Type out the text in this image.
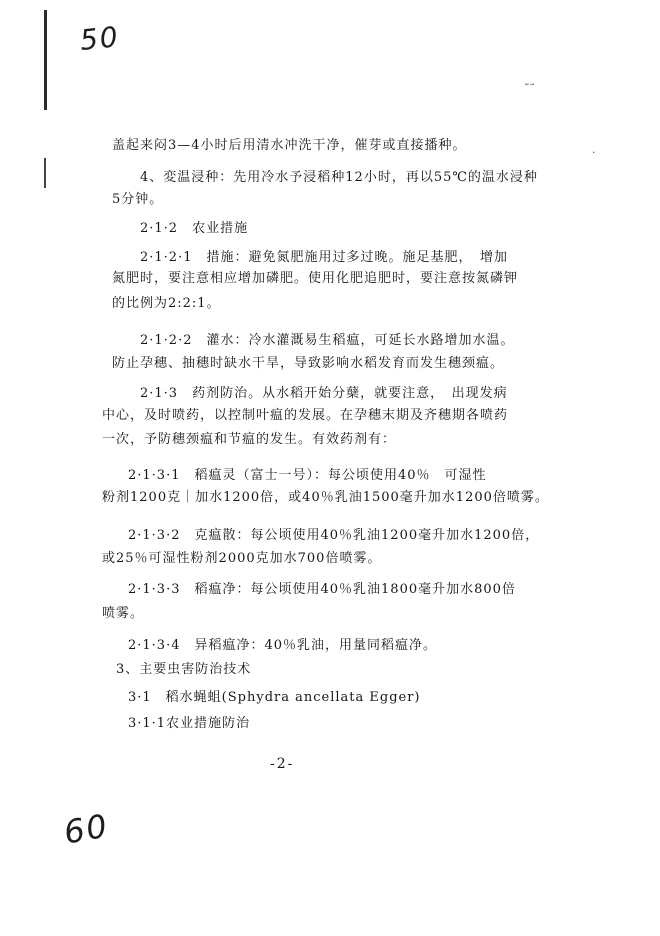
˜˜
·
50
60
盖起来闷3—4小时后用清水冲洗干净，催芽或直接播种。
4、変温浸种：先用冷水予浸稻种12小时，再以55℃的温水浸种
5分钟。
2·1·2　农业措施
2·1·2·1　措施：避免氮肥施用过多过晚。施足基肥，　增加
氮肥时，要注意相应增加磷肥。使用化肥追肥时，要注意按氮磷钾
的比例为2:2:1。
2·1·2·2　灌水：冷水灌溉易生稻瘟，可延长水路增加水温。
防止孕穗、抽穗时缺水干旱，导致影响水稻发育而发生穗颈瘟。
2·1·3　药剂防治。从水稻开始分蘖，就要注意，　出现发病
中心，及时喷药，以控制叶瘟的发展。在孕穗末期及齐穗期各喷药
一次，予防穗颈瘟和节瘟的发生。有效药剂有：
2·1·3·1　稻瘟灵（富士一号）：每公顷使用40％　可湿性
粉剂1200克｜加水1200倍，或40％乳油1500毫升加水1200倍喷雾。
2·1·3·2　克瘟散：每公顷使用40％乳油1200毫升加水1200倍，
或25％可湿性粉剂2000克加水700倍喷雾。
2·1·3·3　稻瘟净：每公顷使用40％乳油1800毫升加水800倍
喷雾。
2·1·3·4　异稻瘟净：40％乳油，用量同稻瘟净。
3、主要虫害防治技术
3·1　稻水蝇蛆(Sphydra ancellata Egger)
3·1·1农业措施防治
-2-
